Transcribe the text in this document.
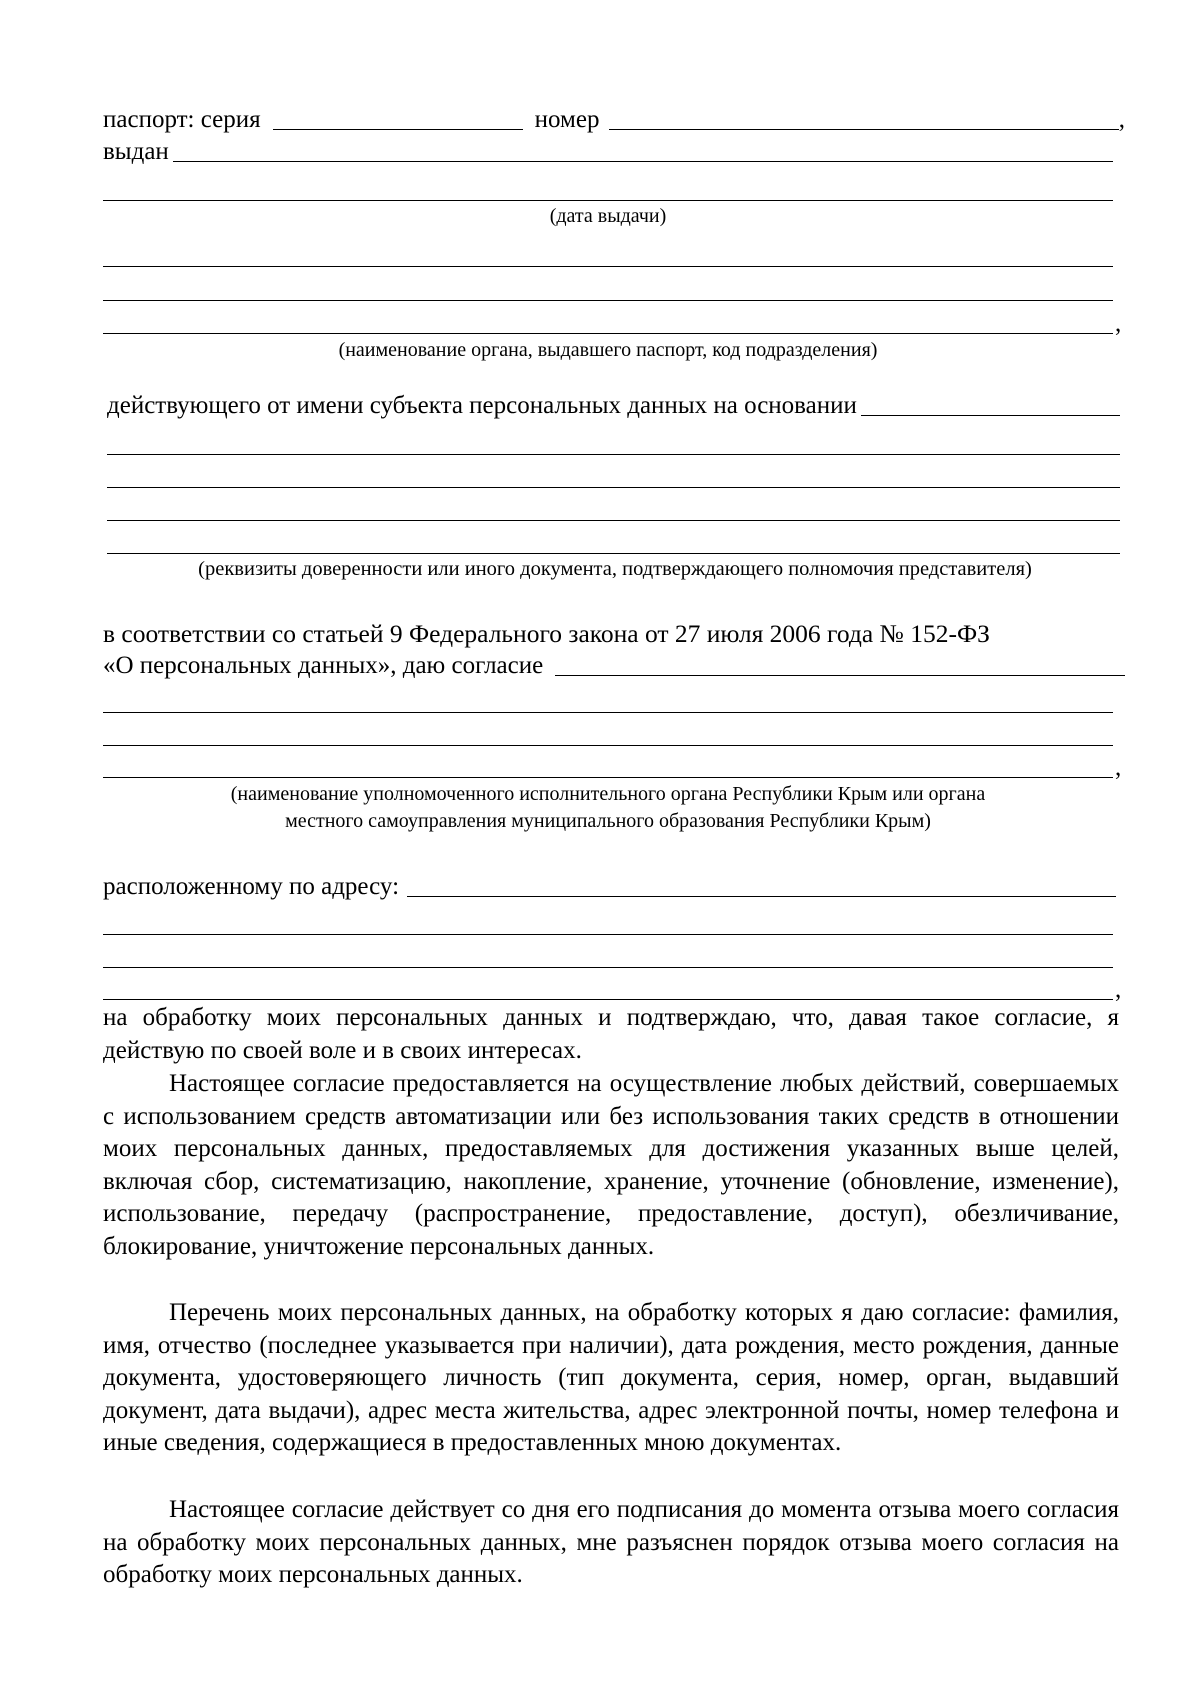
паспорт: серия	номер	,
выдан
(дата выдачи)
,
(наименование органа, выдавшего паспорт, код подразделения)
действующего от имени субъекта персональных данных на основании
(реквизиты доверенности или иного документа, подтверждающего полномочия представителя)
в соответствии со статьей 9 Федерального закона от 27 июля 2006 года № 152-ФЗ
«О персональных данных», даю согласие
,
(наименование уполномоченного исполнительного органа Республики Крым или органа
местного самоуправления муниципального образования Республики Крым)
расположенному по адресу:
,
на обработку моих персональных данных и подтверждаю, что, давая такое согласие, я действую по своей воле и в своих интересах.
Настоящее согласие предоставляется на осуществление любых действий, совершаемых с использованием средств автоматизации или без использования таких средств в отношении моих персональных данных, предоставляемых для достижения указанных выше целей, включая сбор, систематизацию, накопление, хранение, уточнение (обновление, изменение), использование, передачу (распространение, предоставление, доступ), обезличивание, блокирование, уничтожение персональных данных.
Перечень моих персональных данных, на обработку которых я даю согласие: фамилия, имя, отчество (последнее указывается при наличии), дата рождения, место рождения, данные документа, удостоверяющего личность (тип документа, серия, номер, орган, выдавший документ, дата выдачи), адрес места жительства, адрес электронной почты, номер телефона и иные сведения, содержащиеся в предоставленных мною документах.
Настоящее согласие действует со дня его подписания до момента отзыва моего согласия на обработку моих персональных данных, мне разъяснен порядок отзыва моего согласия на обработку моих персональных данных.
